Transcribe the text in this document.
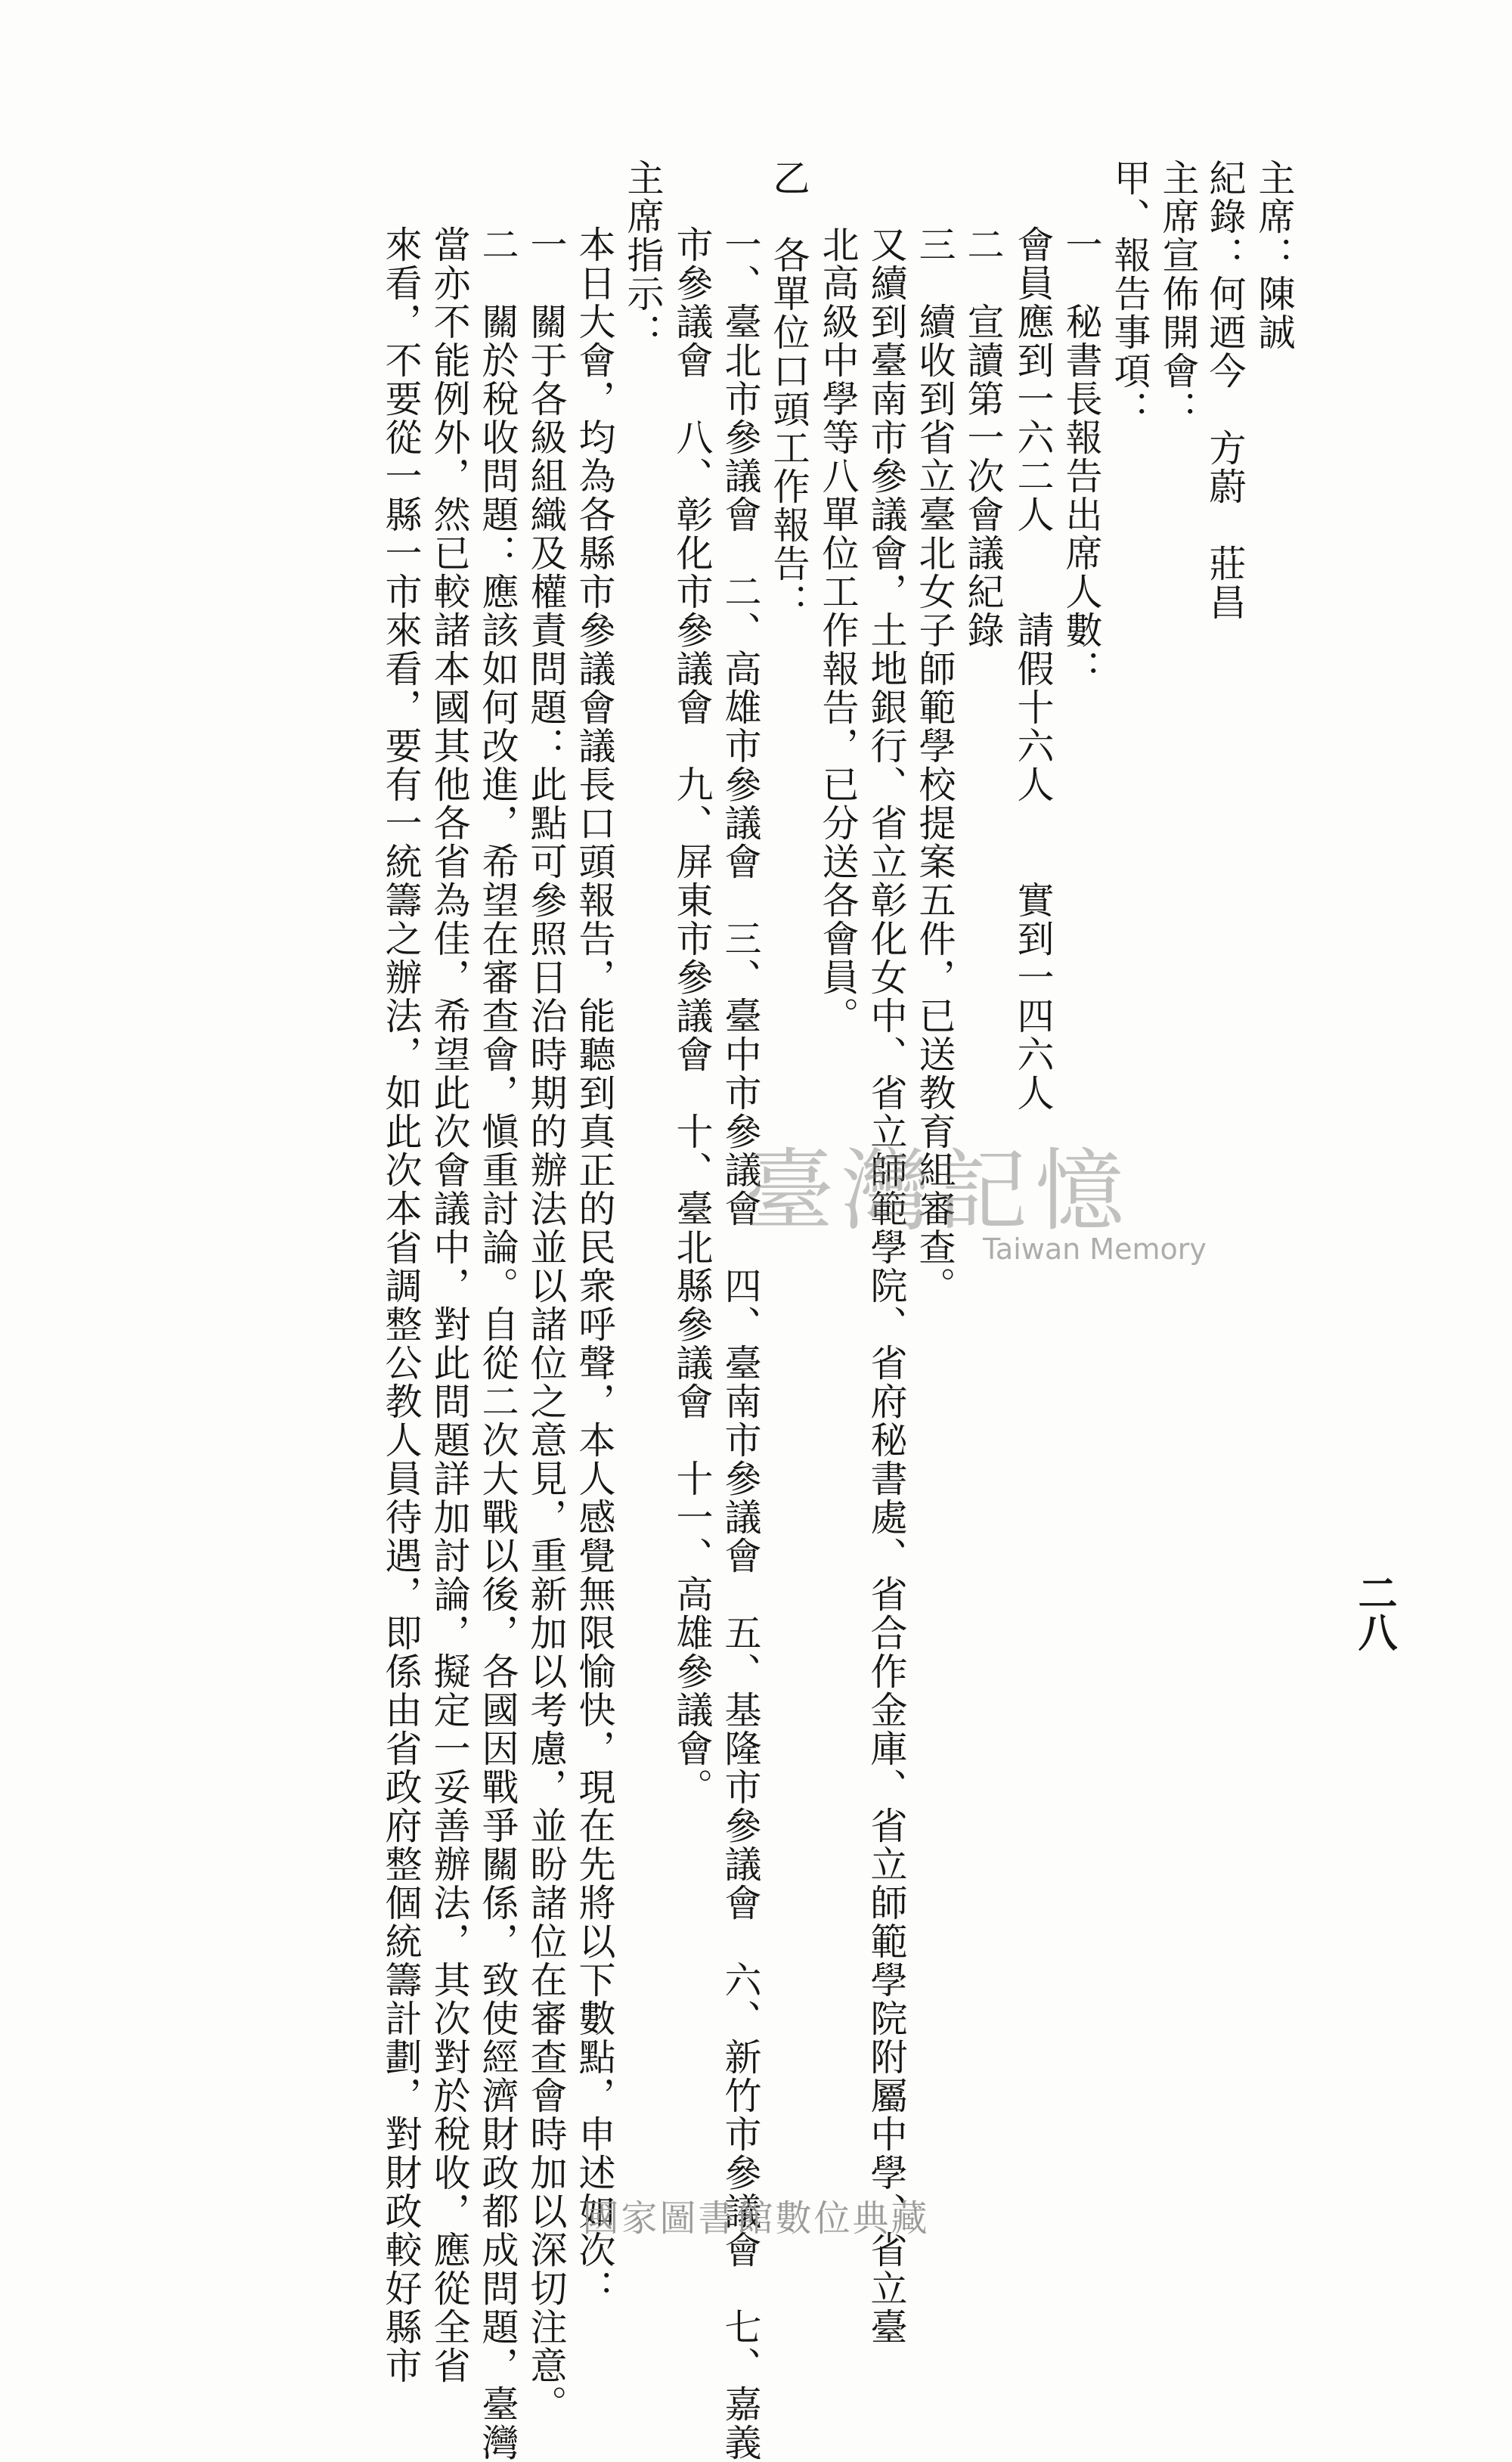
二八
主席：陳誠
紀錄：何迺今　方蔚　莊昌
主席宣佈開會：
甲、報告事項：
一　秘書長報告出席人數：
會員應到一六二人　　請假十六人　　實到一四六人
二　宣讀第一次會議紀錄
三　續收到省立臺北女子師範學校提案五件，已送教育組審查。
又續到臺南市參議會，土地銀行、省立彰化女中、省立師範學院、省府秘書處、省合作金庫、省立師範學院附屬中學、省立臺
北高級中學等八單位工作報告，已分送各會員。
乙　各單位口頭工作報告：
一、臺北市參議會　二、高雄市參議會　三、臺中市參議會　四、臺南市參議會　五、基隆市參議會　六、新竹市參議會　七、嘉義
市參議會　八、彰化市參議會　九、屏東市參議會　十、臺北縣參議會　十一、高雄參議會。
主席指示：
本日大會，均為各縣市參議會議長口頭報告，能聽到真正的民衆呼聲，本人感覺無限愉快，現在先將以下數點，申述如次：
一　關于各級組織及權責問題：此點可參照日治時期的辦法並以諸位之意見，重新加以考慮，並盼諸位在審查會時加以深切注意。
二　關於稅收問題：應該如何改進，希望在審查會，愼重討論。自從二次大戰以後，各國因戰爭關係，致使經濟財政都成問題，臺灣
當亦不能例外，然已較諸本國其他各省為佳，希望此次會議中，對此問題詳加討論，擬定一妥善辦法，其次對於稅收，應從全省
來看，不要從一縣一市來看，要有一統籌之辦法，如此次本省調整公教人員待遇，即係由省政府整個統籌計劃，對財政較好縣市	臺灣記憶
Taiwan Memory
國家圖書館數位典藏
